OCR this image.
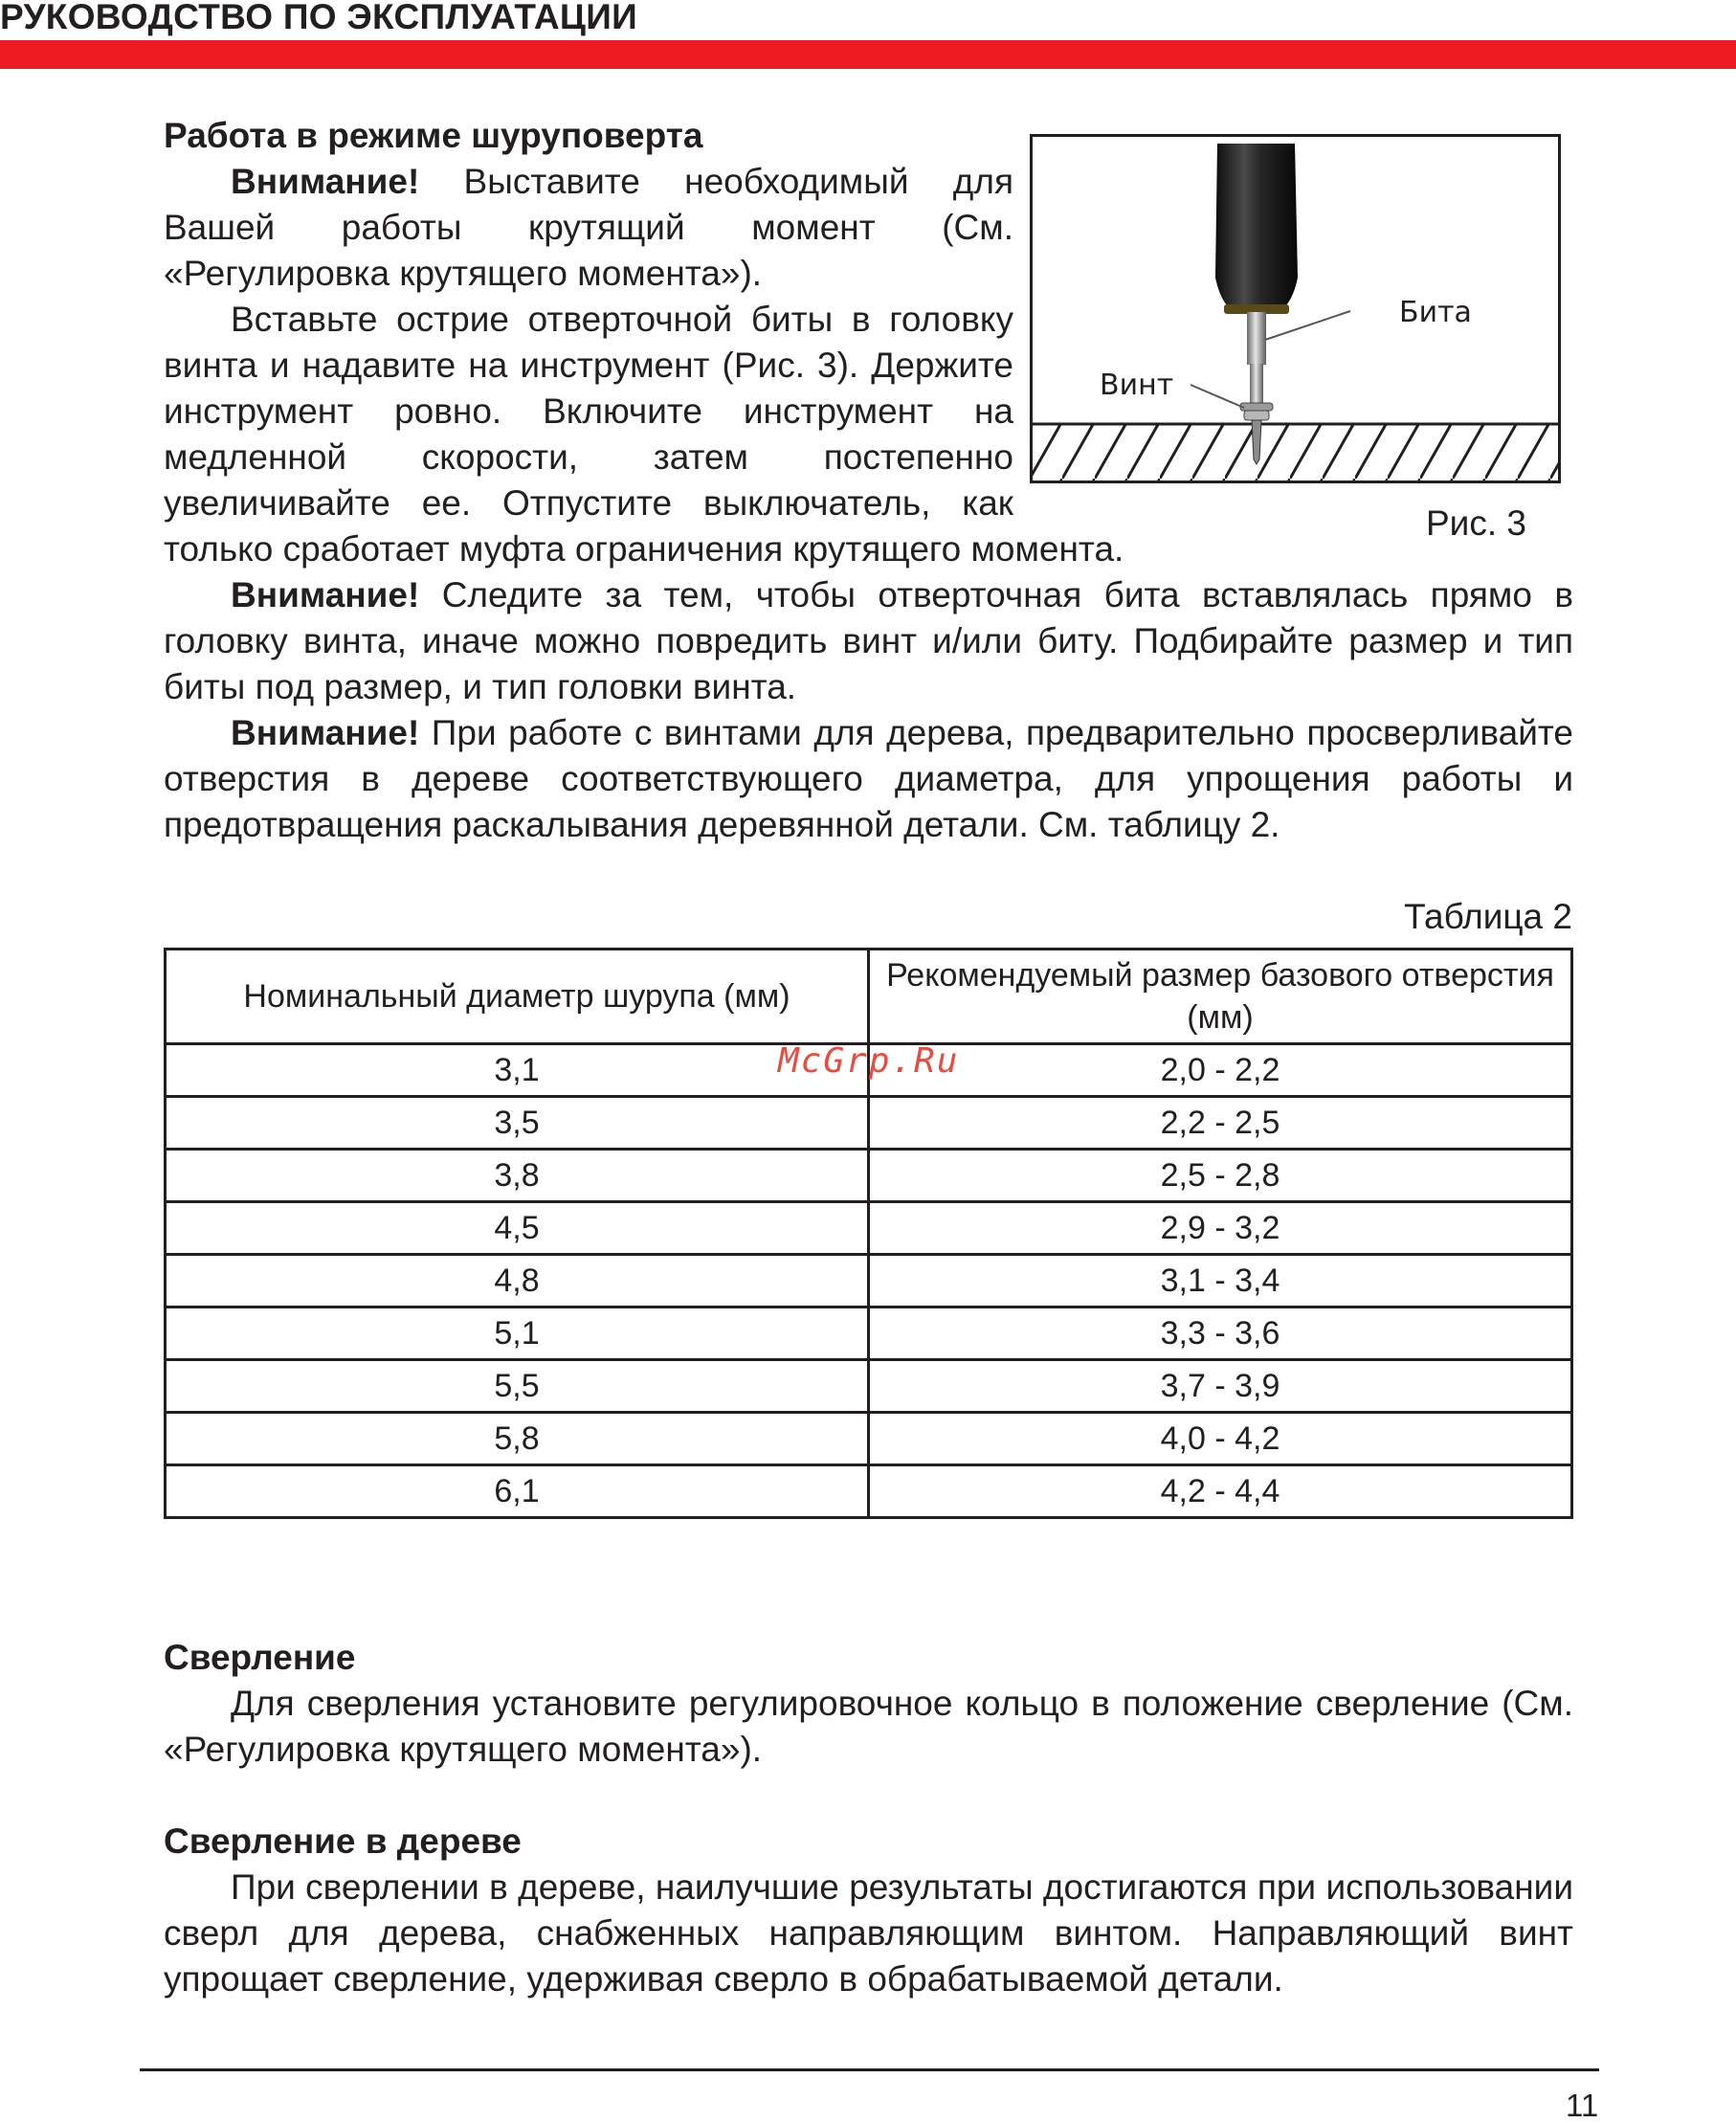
РУКОВОДСТВО ПО ЭКСПЛУАТАЦИИ

Работа в режиме шуруповерта

Внимание! Выставите необходимый для Вашей работы крутящий момент (См. «Регулировка крутящего момента»).

Вставьте острие отверточной биты в головку винта и надавите на инструмент (Рис. 3). Держите инструмент ровно. Включите инструмент на медленной скорости, затем постепенно увеличивайте ее. Отпустите выключатель, как

Бита
Винт
Рис. 3

только сработает муфта ограничения крутящего момента.

Внимание! Следите за тем, чтобы отверточная бита вставлялась прямо в головку винта, иначе можно повредить винт и/или биту. Подбирайте размер и тип биты под размер, и тип головки винта.

Внимание! При работе с винтами для дерева, предварительно просверливайте отверстия в дереве соответствующего диаметра, для упрощения работы и предотвращения раскалывания деревянной детали. См. таблицу 2.

Таблица 2
Номинальный диаметр шурупа (мм)	Рекомендуемый размер базового отверстия (мм)
3,1	2,0 - 2,2
3,5	2,2 - 2,5
3,8	2,5 - 2,8
4,5	2,9 - 3,2
4,8	3,1 - 3,4
5,1	3,3 - 3,6
5,5	3,7 - 3,9
5,8	4,0 - 4,2
6,1	4,2 - 4,4
McGrp.Ru

Сверление

Для сверления установите регулировочное кольцо в положение сверление (См. «Регулировка крутящего момента»).

Сверление в дереве

При сверлении в дереве, наилучшие результаты достигаются при использовании сверл для дерева, снабженных направляющим винтом. Направляющий винт упрощает сверление, удерживая сверло в обрабатываемой детали.

11
